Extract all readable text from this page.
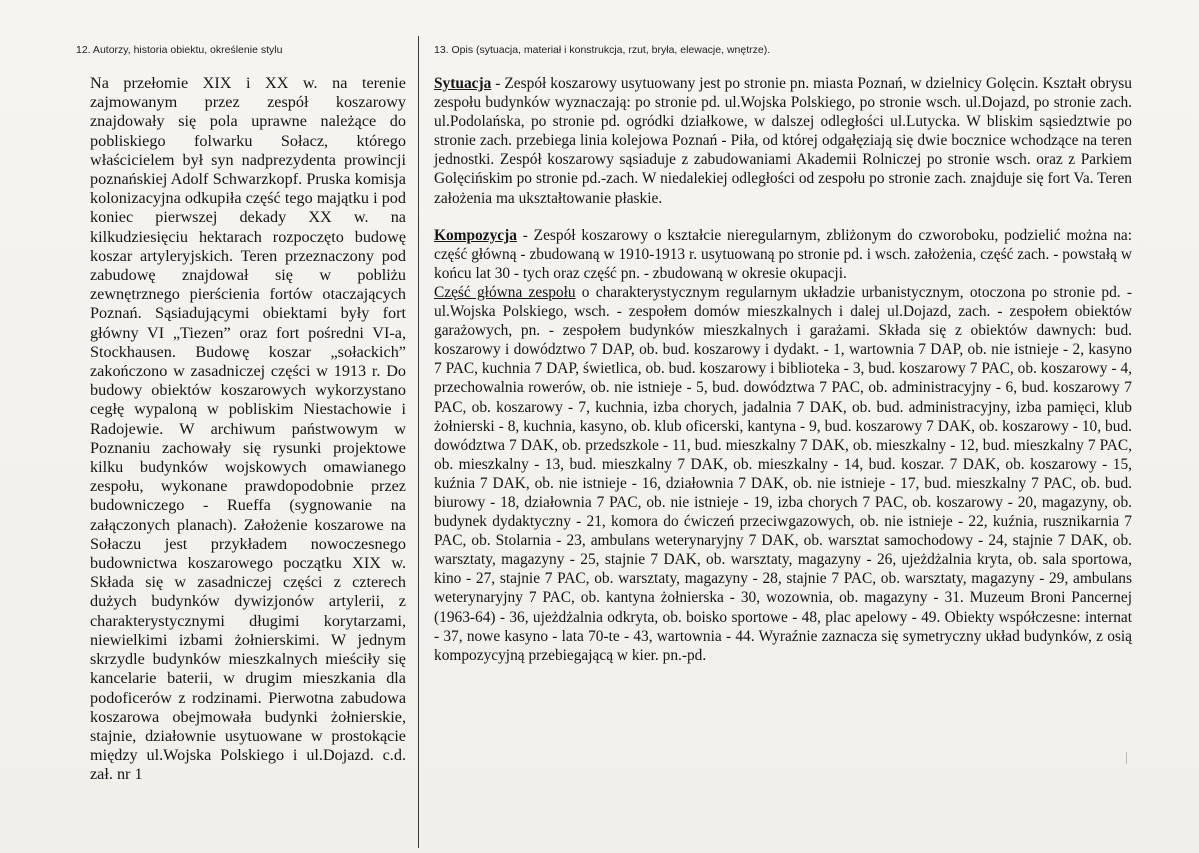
12. Autorzy, historia obiektu, określenie stylu	13. Opis (sytuacja, materiał i konstrukcja, rzut, bryła, elewacje, wnętrze).

Na przełomie XIX i XX w. na terenie zajmowanym przez zespół koszarowy znajdowały się pola uprawne należące do pobliskiego folwarku Sołacz, którego właścicielem był syn nadprezydenta prowincji poznańskiej Adolf Schwarzkopf. Pruska komisja kolonizacyjna odkupiła część tego majątku i pod koniec pierwszej dekady XX w. na kilkudziesięciu hektarach rozpoczęto budowę koszar artyleryjskich. Teren przeznaczony pod zabudowę znajdował się w pobliżu zewnętrznego pierścienia fortów otaczających Poznań. Sąsiadującymi obiektami były fort główny VI „Tiezen” oraz fort pośredni VI-a, Stockhausen. Budowę koszar „sołackich” zakończono w zasadniczej części w 1913 r. Do budowy obiektów koszarowych wykorzystano cegłę wypaloną w pobliskim Niestachowie i Radojewie. W archiwum państwowym w Poznaniu zachowały się rysunki projektowe kilku budynków wojskowych omawianego zespołu, wykonane prawdopodobnie przez budowniczego - Rueffa (sygnowanie na załączonych planach). Założenie koszarowe na Sołaczu jest przykładem nowoczesnego budownictwa koszarowego początku XIX w. Składa się w zasadniczej części z czterech dużych budynków dywizjonów artylerii, z charakterystycznymi długimi korytarzami, niewielkimi izbami żołnierskimi. W jednym skrzydle budynków mieszkalnych mieściły się kancelarie baterii, w drugim mieszkania dla podoficerów z rodzinami. Pierwotna zabudowa koszarowa obejmowała budynki żołnierskie, stajnie, działownie usytuowane w prostokącie między ul.Wojska Polskiego i ul.Dojazd. c.d. zał. nr 1

Sytuacja - Zespół koszarowy usytuowany jest po stronie pn. miasta Poznań, w dzielnicy Golęcin. Kształt obrysu zespołu budynków wyznaczają: po stronie pd. ul.Wojska Polskiego, po stronie wsch. ul.Dojazd, po stronie zach. ul.Podolańska, po stronie pd. ogródki działkowe, w dalszej odległości ul.Lutycka. W bliskim sąsiedztwie po stronie zach. przebiega linia kolejowa Poznań - Piła, od której odgałęziają się dwie bocznice wchodzące na teren jednostki. Zespół koszarowy sąsiaduje z zabudowaniami Akademii Rolniczej po stronie wsch. oraz z Parkiem Golęcińskim po stronie pd.-zach. W niedalekiej odległości od zespołu po stronie zach. znajduje się fort Va. Teren założenia ma ukształtowanie płaskie.

Kompozycja - Zespół koszarowy o kształcie nieregularnym, zbliżonym do czworoboku, podzielić można na: część główną - zbudowaną w 1910-1913 r. usytuowaną po stronie pd. i wsch. założenia, część zach. - powstałą w końcu lat 30 - tych oraz część pn. - zbudowaną w okresie okupacji.

Część główna zespołu o charakterystycznym regularnym układzie urbanistycznym, otoczona po stronie pd. - ul.Wojska Polskiego, wsch. - zespołem domów mieszkalnych i dalej ul.Dojazd, zach. - zespołem obiektów garażowych, pn. - zespołem budynków mieszkalnych i garażami. Składa się z obiektów dawnych: bud. koszarowy i dowództwo 7 DAP, ob. bud. koszarowy i dydakt. - 1, wartownia 7 DAP, ob. nie istnieje - 2, kasyno 7 PAC, kuchnia 7 DAP, świetlica, ob. bud. koszarowy i biblioteka - 3, bud. koszarowy 7 PAC, ob. koszarowy - 4, przechowalnia rowerów, ob. nie istnieje - 5, bud. dowództwa 7 PAC, ob. administracyjny - 6, bud. koszarowy 7 PAC, ob. koszarowy - 7, kuchnia, izba chorych, jadalnia 7 DAK, ob. bud. administracyjny, izba pamięci, klub żołnierski - 8, kuchnia, kasyno, ob. klub oficerski, kantyna - 9, bud. koszarowy 7 DAK, ob. koszarowy - 10, bud. dowództwa 7 DAK, ob. przedszkole - 11, bud. mieszkalny 7 DAK, ob. mieszkalny - 12, bud. mieszkalny 7 PAC, ob. mieszkalny - 13, bud. mieszkalny 7 DAK, ob. mieszkalny - 14, bud. koszar. 7 DAK, ob. koszarowy - 15, kuźnia 7 DAK, ob. nie istnieje - 16, działownia 7 DAK, ob. nie istnieje - 17, bud. mieszkalny 7 PAC, ob. bud. biurowy - 18, działownia 7 PAC, ob. nie istnieje - 19, izba chorych 7 PAC, ob. koszarowy - 20, magazyny, ob. budynek dydaktyczny - 21, komora do ćwiczeń przeciwgazowych, ob. nie istnieje - 22, kuźnia, rusznikarnia 7 PAC, ob. Stolarnia - 23, ambulans weterynaryjny 7 DAK, ob. warsztat samochodowy - 24, stajnie 7 DAK, ob. warsztaty, magazyny - 25, stajnie 7 DAK, ob. warsztaty, magazyny - 26, ujeżdżalnia kryta, ob. sala sportowa, kino - 27, stajnie 7 PAC, ob. warsztaty, magazyny - 28, stajnie 7 PAC, ob. warsztaty, magazyny - 29, ambulans weterynaryjny 7 PAC, ob. kantyna żołnierska - 30, wozownia, ob. magazyny - 31. Muzeum Broni Pancernej (1963-64) - 36, ujeżdżalnia odkryta, ob. boisko sportowe - 48, plac apelowy - 49. Obiekty współczesne: internat - 37, nowe kasyno - lata 70-te - 43, wartownia - 44. Wyraźnie zaznacza się symetryczny układ budynków, z osią kompozycyjną przebiegającą w kier. pn.-pd.
